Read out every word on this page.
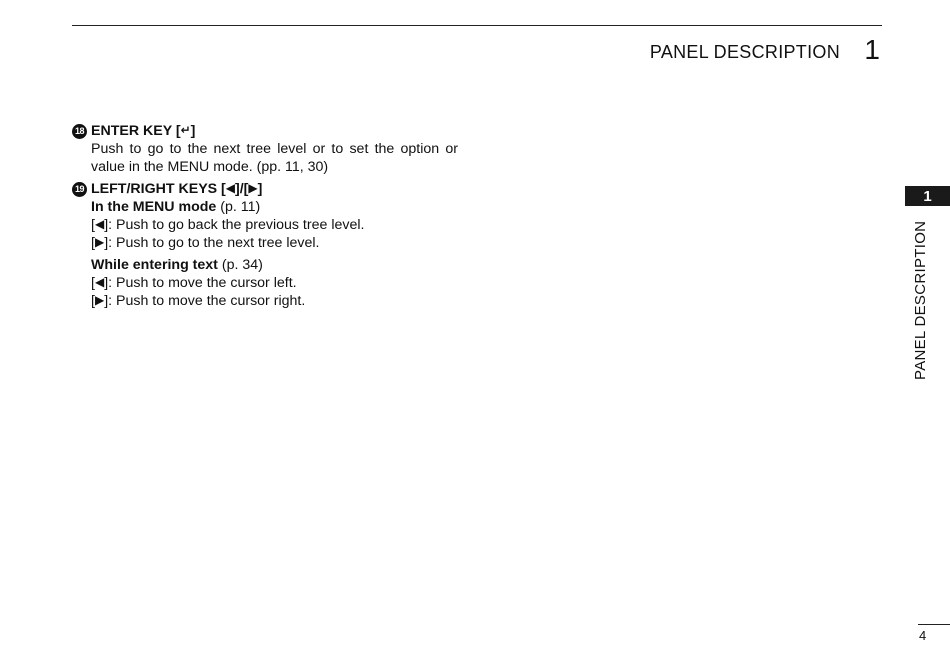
PANEL DESCRIPTION 1
18 ENTER KEY [ ↵ ]
Push to go to the next tree level or to set the option or value in the MENU mode. (pp. 11, 30)
19 LEFT/RIGHT KEYS [ ◀ ]/[ ▶ ]
In the MENU mode (p. 11)
[◀]: Push to go back the previous tree level.
[▶]: Push to go to the next tree level.
While entering text (p. 34)
[◀]: Push to move the cursor left.
[▶]: Push to move the cursor right.
1
PANEL DESCRIPTION
4
